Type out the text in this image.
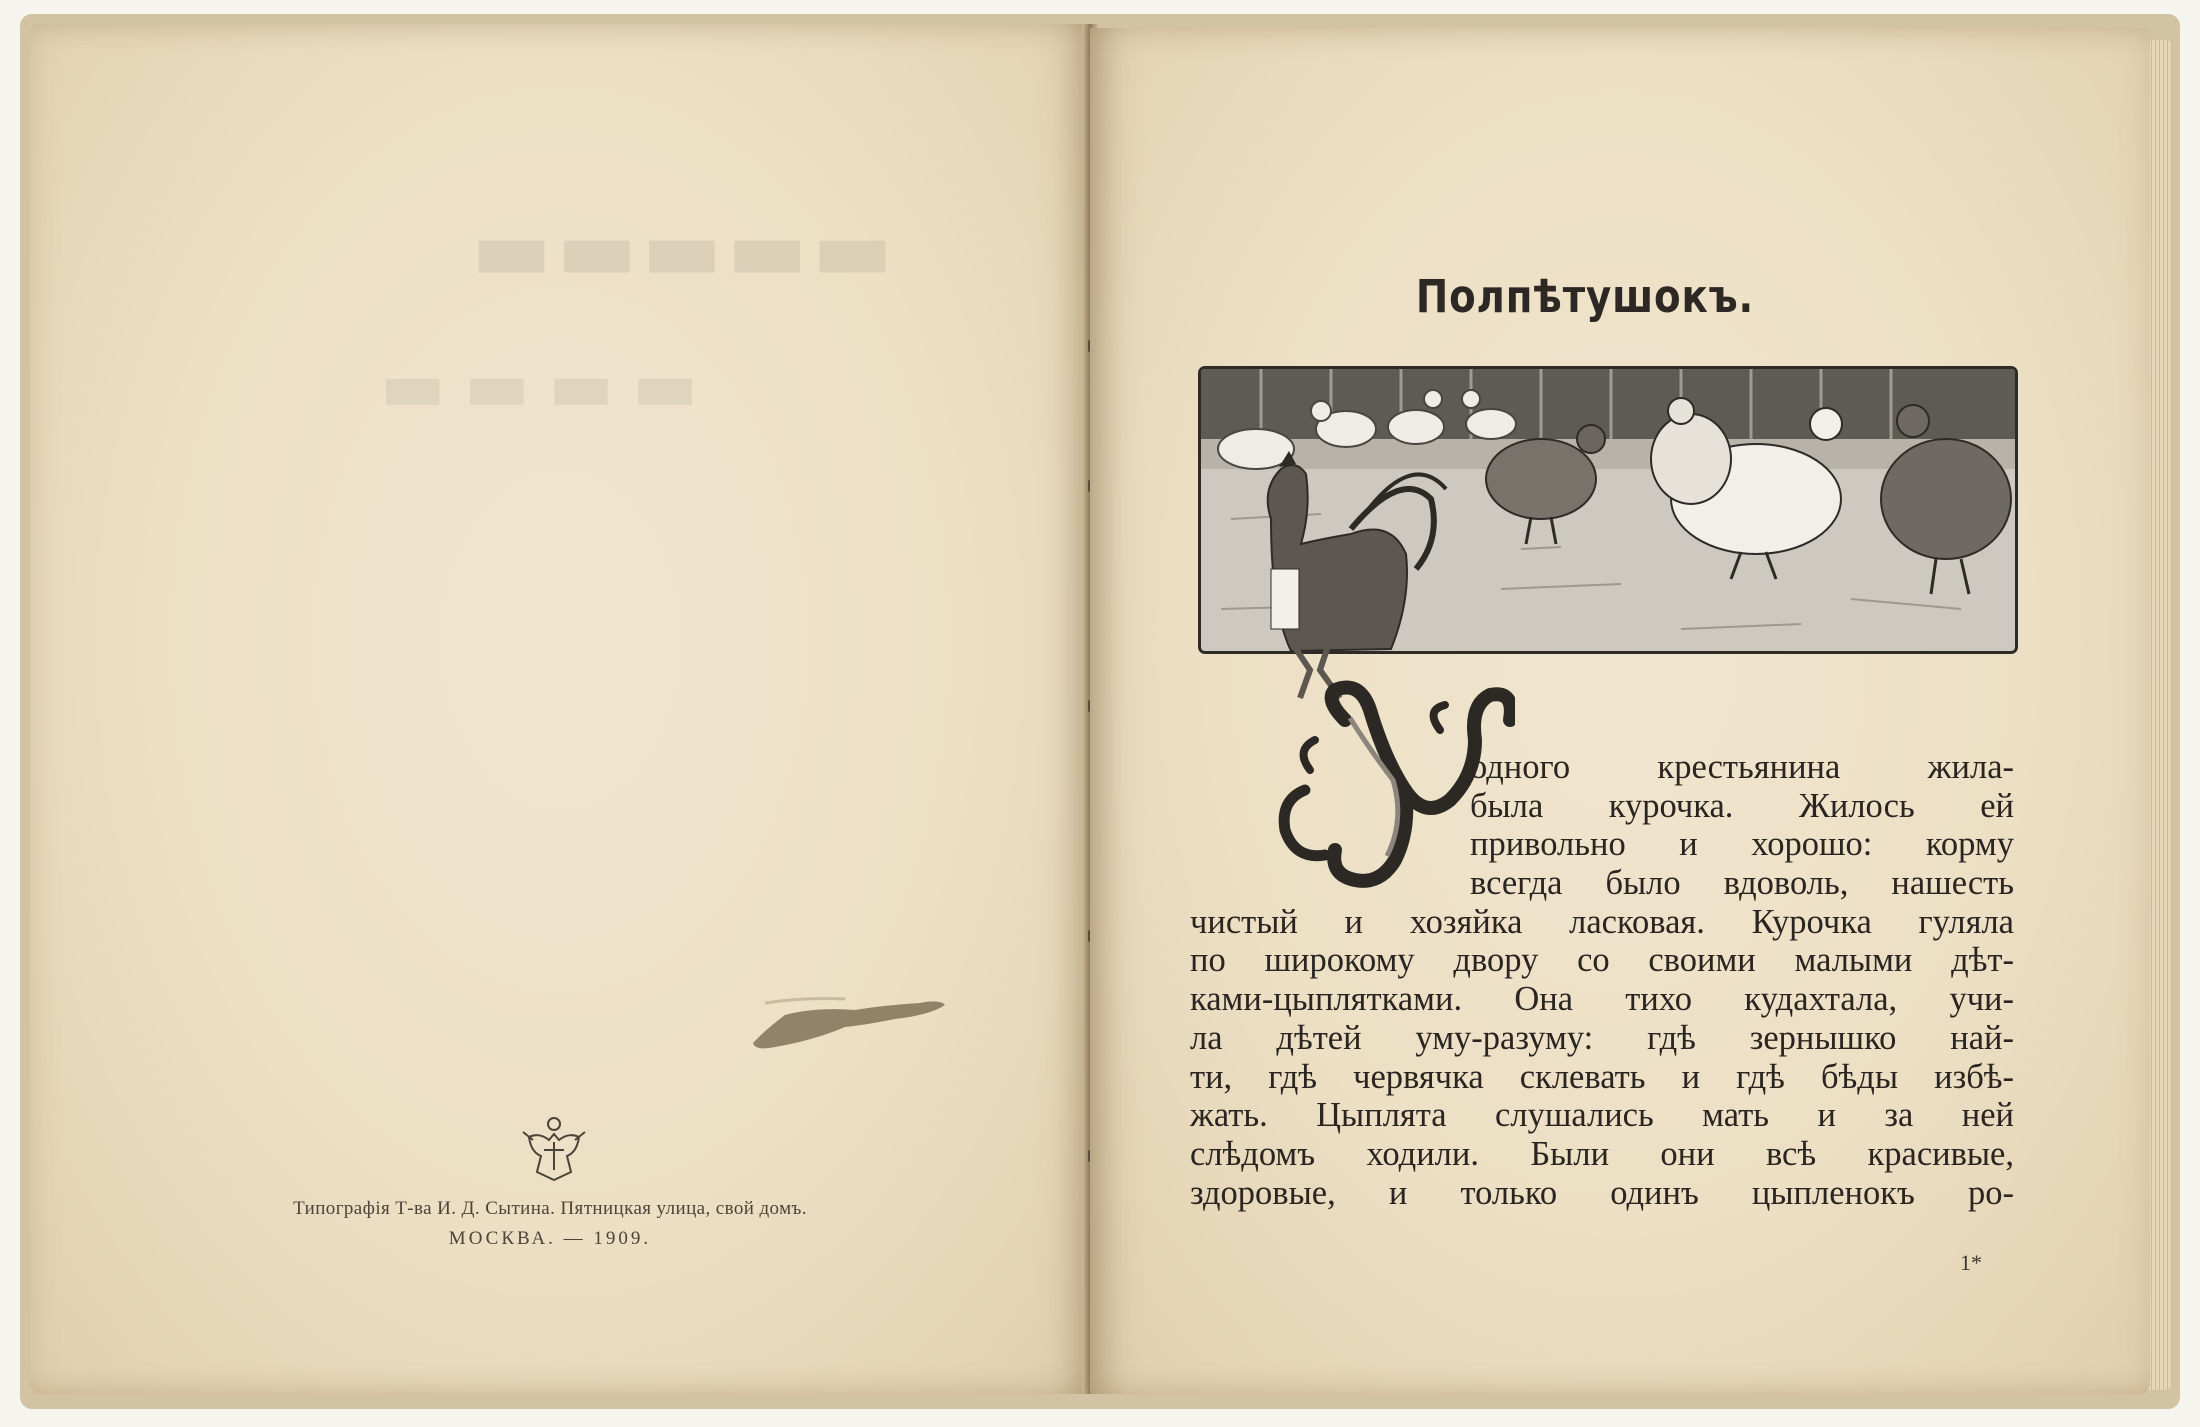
▬▬▬▬▬
▬▬▬▬
Типографія Т-ва И. Д. Сытина. Пятницкая улица, свой домъ.
МОСКВА. — 1909.
Полпѣтушокъ.
одного крестьянина жила-
была курочка. Жилось ей
привольно и хорошо: корму
всегда было вдоволь, нашесть
чистый и хозяйка ласковая. Курочка гуляла
по широкому двору со своими малыми дѣт-
ками-цыплятками. Она тихо кудахтала, учи-
ла дѣтей уму-разуму: гдѣ зернышко най-
ти, гдѣ червячка склевать и гдѣ бѣды избѣ-
жать. Цыплята слушались мать и за ней
слѣдомъ ходили. Были они всѣ красивые,
здоровые, и только одинъ цыпленокъ ро-
1*
